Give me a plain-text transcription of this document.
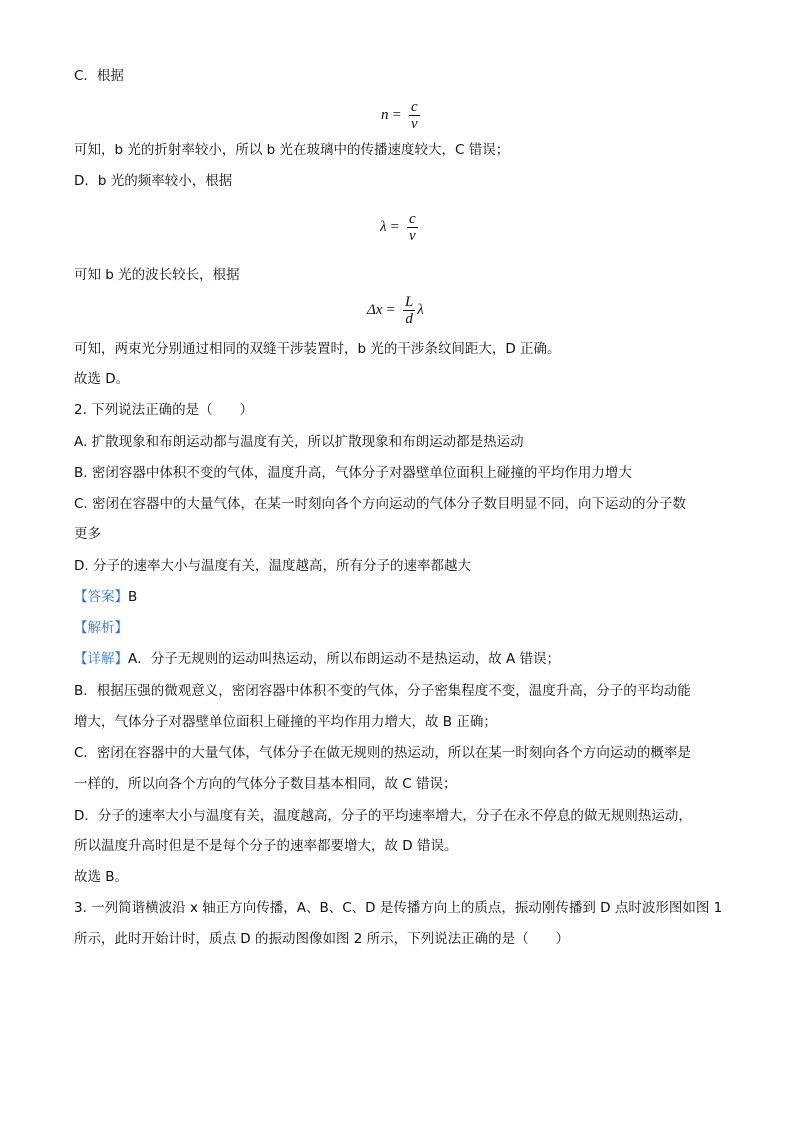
C．根据
$n = \frac{c}{v}$
可知，b 光的折射率较小，所以 b 光在玻璃中的传播速度较大，C 错误；
D．b 光的频率较小，根据
$\lambda = \frac{c}{\nu}$
可知 b 光的波长较长，根据
$\Delta x = \frac{L}{d}$ λ
可知，两束光分别通过相同的双缝干涉装置时，b 光的干涉条纹间距大，D 正确。
故选 D。
2. 下列说法正确的是（　　）
A. 扩散现象和布朗运动都与温度有关，所以扩散现象和布朗运动都是热运动
B. 密闭容器中体积不变的气体，温度升高，气体分子对器壁单位面积上碰撞的平均作用力增大
C. 密闭在容器中的大量气体，在某一时刻向各个方向运动的气体分子数目明显不同，向下运动的分子数
更多
D. 分子的速率大小与温度有关，温度越高，所有分子的速率都越大
【答案】B
【解析】
【详解】A．分子无规则的运动叫热运动，所以布朗运动不是热运动，故 A 错误；
B．根据压强的微观意义，密闭容器中体积不变的气体，分子密集程度不变，温度升高，分子的平均动能
增大，气体分子对器壁单位面积上碰撞的平均作用力增大，故 B 正确；
C．密闭在容器中的大量气体，气体分子在做无规则的热运动，所以在某一时刻向各个方向运动的概率是
一样的，所以向各个方向的气体分子数目基本相同，故 C 错误；
D．分子的速率大小与温度有关，温度越高，分子的平均速率增大，分子在永不停息的做无规则热运动，
所以温度升高时但是不是每个分子的速率都要增大，故 D 错误。
故选 B。
3. 一列简谐横波沿 x 轴正方向传播，A、B、C、D 是传播方向上的质点，振动刚传播到 D 点时波形图如图 1
所示，此时开始计时，质点 D 的振动图像如图 2 所示，下列说法正确的是（　　）
